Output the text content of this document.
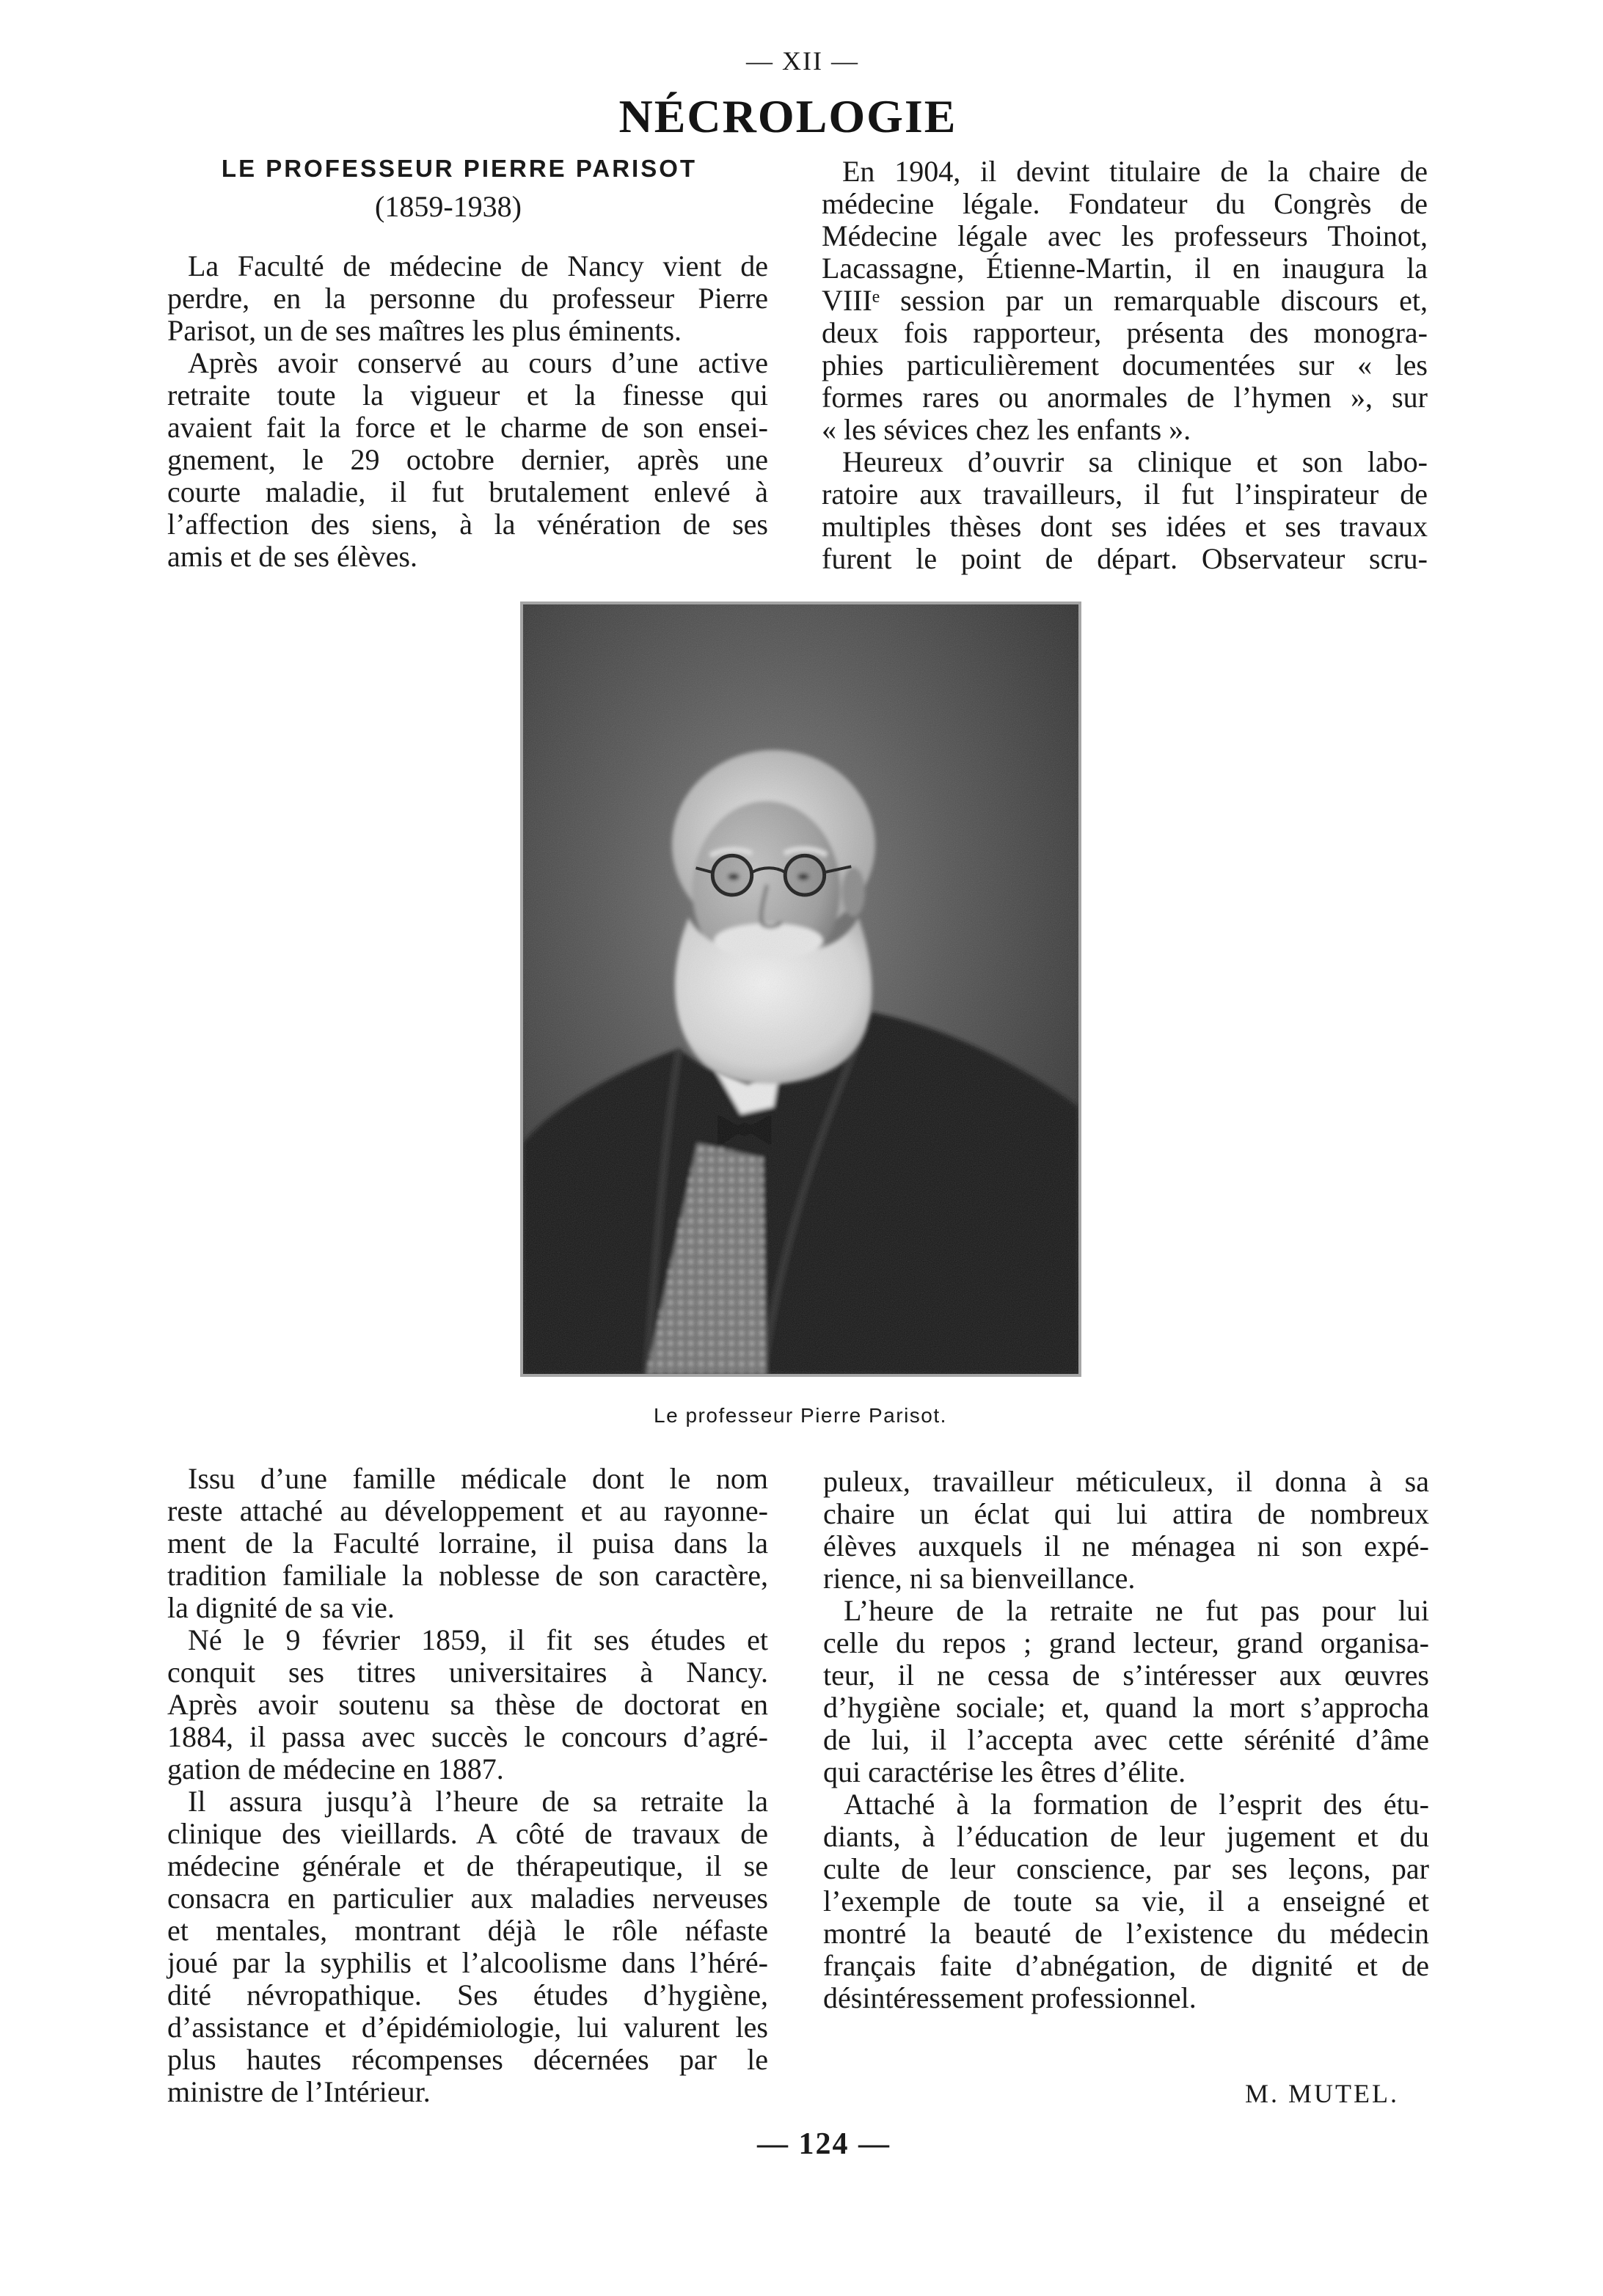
— XII —
NÉCROLOGIE
LE PROFESSEUR PIERRE PARISOT
(1859-1938)
La Faculté de médecine de Nancy vient de
perdre, en la personne du professeur Pierre
Parisot, un de ses maîtres les plus éminents.
Après avoir conservé au cours d’une active
retraite toute la vigueur et la finesse qui
avaient fait la force et le charme de son ensei-
gnement, le 29 octobre dernier, après une
courte maladie, il fut brutalement enlevé à
l’affection des siens, à la vénération de ses
amis et de ses élèves.
En 1904, il devint titulaire de la chaire de
médecine légale. Fondateur du Congrès de
Médecine légale avec les professeurs Thoinot,
Lacassagne, Étienne-Martin, il en inaugura la
VIIIᵉ session par un remarquable discours et,
deux fois rapporteur, présenta des monogra-
phies particulièrement documentées sur « les
formes rares ou anormales de l’hymen », sur
« les sévices chez les enfants ».
Heureux d’ouvrir sa clinique et son labo-
ratoire aux travailleurs, il fut l’inspirateur de
multiples thèses dont ses idées et ses travaux
furent le point de départ. Observateur scru-
Le professeur Pierre Parisot.
Issu d’une famille médicale dont le nom
reste attaché au développement et au rayonne-
ment de la Faculté lorraine, il puisa dans la
tradition familiale la noblesse de son caractère,
la dignité de sa vie.
Né le 9 février 1859, il fit ses études et
conquit ses titres universitaires à Nancy.
Après avoir soutenu sa thèse de doctorat en
1884, il passa avec succès le concours d’agré-
gation de médecine en 1887.
Il assura jusqu’à l’heure de sa retraite la
clinique des vieillards. A côté de travaux de
médecine générale et de thérapeutique, il se
consacra en particulier aux maladies nerveuses
et mentales, montrant déjà le rôle néfaste
joué par la syphilis et l’alcoolisme dans l’héré-
dité névropathique. Ses études d’hygiène,
d’assistance et d’épidémiologie, lui valurent les
plus hautes récompenses décernées par le
ministre de l’Intérieur.
puleux, travailleur méticuleux, il donna à sa
chaire un éclat qui lui attira de nombreux
élèves auxquels il ne ménagea ni son expé-
rience, ni sa bienveillance.
L’heure de la retraite ne fut pas pour lui
celle du repos ; grand lecteur, grand organisa-
teur, il ne cessa de s’intéresser aux œuvres
d’hygiène sociale; et, quand la mort s’approcha
de lui, il l’accepta avec cette sérénité d’âme
qui caractérise les êtres d’élite.
Attaché à la formation de l’esprit des étu-
diants, à l’éducation de leur jugement et du
culte de leur conscience, par ses leçons, par
l’exemple de toute sa vie, il a enseigné et
montré la beauté de l’existence du médecin
français faite d’abnégation, de dignité et de
désintéressement professionnel.
M. MUTEL.
— 124 —
